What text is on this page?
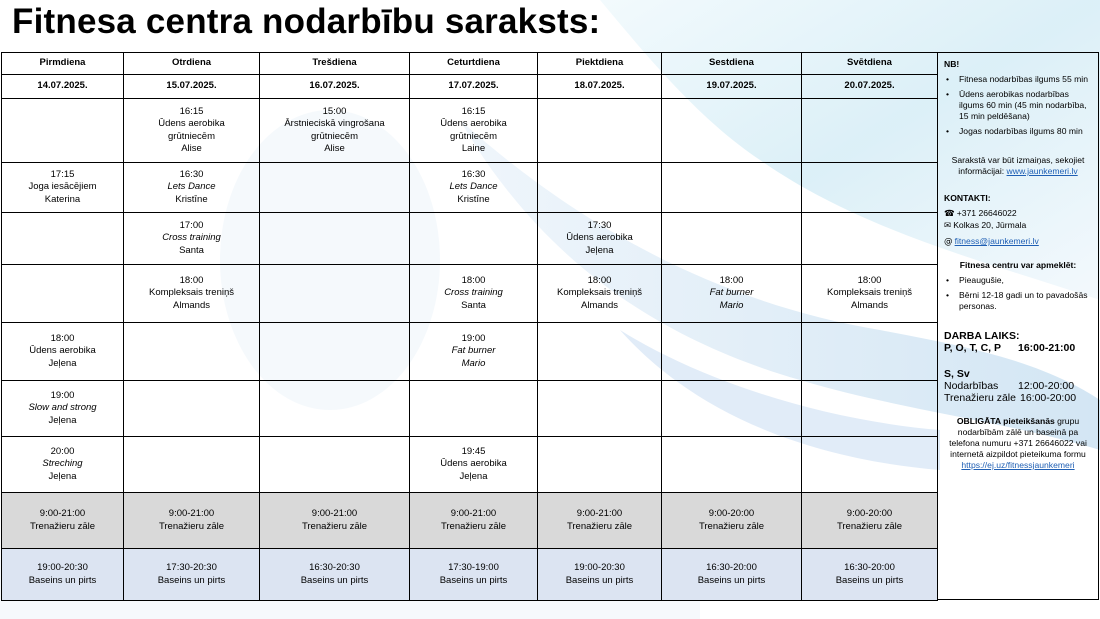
Fitnesa centra nodarbību saraksts:
Pirmdiena	Otrdiena	Trešdiena	Ceturtdiena	Piektdiena	Sestdiena	Svētdiena
14.07.2025.	15.07.2025.	16.07.2025.	17.07.2025.	18.07.2025.	19.07.2025.	20.07.2025.

	16:15
Ūdens aerobika
grūtniecēm
Alise	15:00
Ārstnieciskā vingrošana
grūtniecēm
Alise	16:15
Ūdens aerobika
grūtniecēm
Laine			

17:15
Joga iesācējiem
Katerina	16:30
Lets Dance
Kristīne		16:30
Lets Dance
Kristīne			

	17:00
Cross training
Santa			17:30
Ūdens aerobika
Jeļena		

	18:00
Kompleksais treniņš
Almands		18:00
Cross training
Santa	18:00
Kompleksais treniņš
Almands	18:00
Fat burner
Mario	18:00
Kompleksais treniņš
Almands

18:00
Ūdens aerobika
Jeļena			19:00
Fat burner
Mario			

19:00
Slow and strong
Jeļena						

20:00
Streching
Jeļena			19:45
Ūdens aerobika
Jeļena			

9:00-21:00
Trenažieru zāle	9:00-21:00
Trenažieru zāle	9:00-21:00
Trenažieru zāle	9:00-21:00
Trenažieru zāle	9:00-21:00
Trenažieru zāle	9:00-20:00
Trenažieru zāle	9:00-20:00
Trenažieru zāle

19:00-20:30
Baseins un pirts	17:30-20:30
Baseins un pirts	16:30-20:30
Baseins un pirts	17:30-19:00
Baseins un pirts	19:00-20:30
Baseins un pirts	16:30-20:00
Baseins un pirts	16:30-20:00
Baseins un pirts
NB!
• Fitnesa nodarbības ilgums 55 min
• Ūdens aerobikas nodarbības ilgums 60 min (45 min nodarbība, 15 min peldēšana)
• Jogas nodarbības ilgums 80 min
Sarakstā var būt izmaiņas, sekojiet informācijai: www.jaunkemeri.lv
KONTAKTI:
☎ +371 26646022
✉ Kolkas 20, Jūrmala
@ fitness@jaunkemeri.lv
Fitnesa centru var apmeklēt:
• Pieaugušie,
• Bērni 12-18 gadi un to pavadošās personas.
DARBA LAIKS:
P, O, T, C, P	16:00-21:00
S, Sv
Nodarbības	12:00-20:00
Trenažieru zāle 16:00-20:00
OBLIGĀTA pieteikšanās grupu nodarbībām zālē un baseinā pa telefona numuru +371 26646022 vai internetā aizpildot pieteikuma formu
https://ej.uz/fitnessjaunkemeri
